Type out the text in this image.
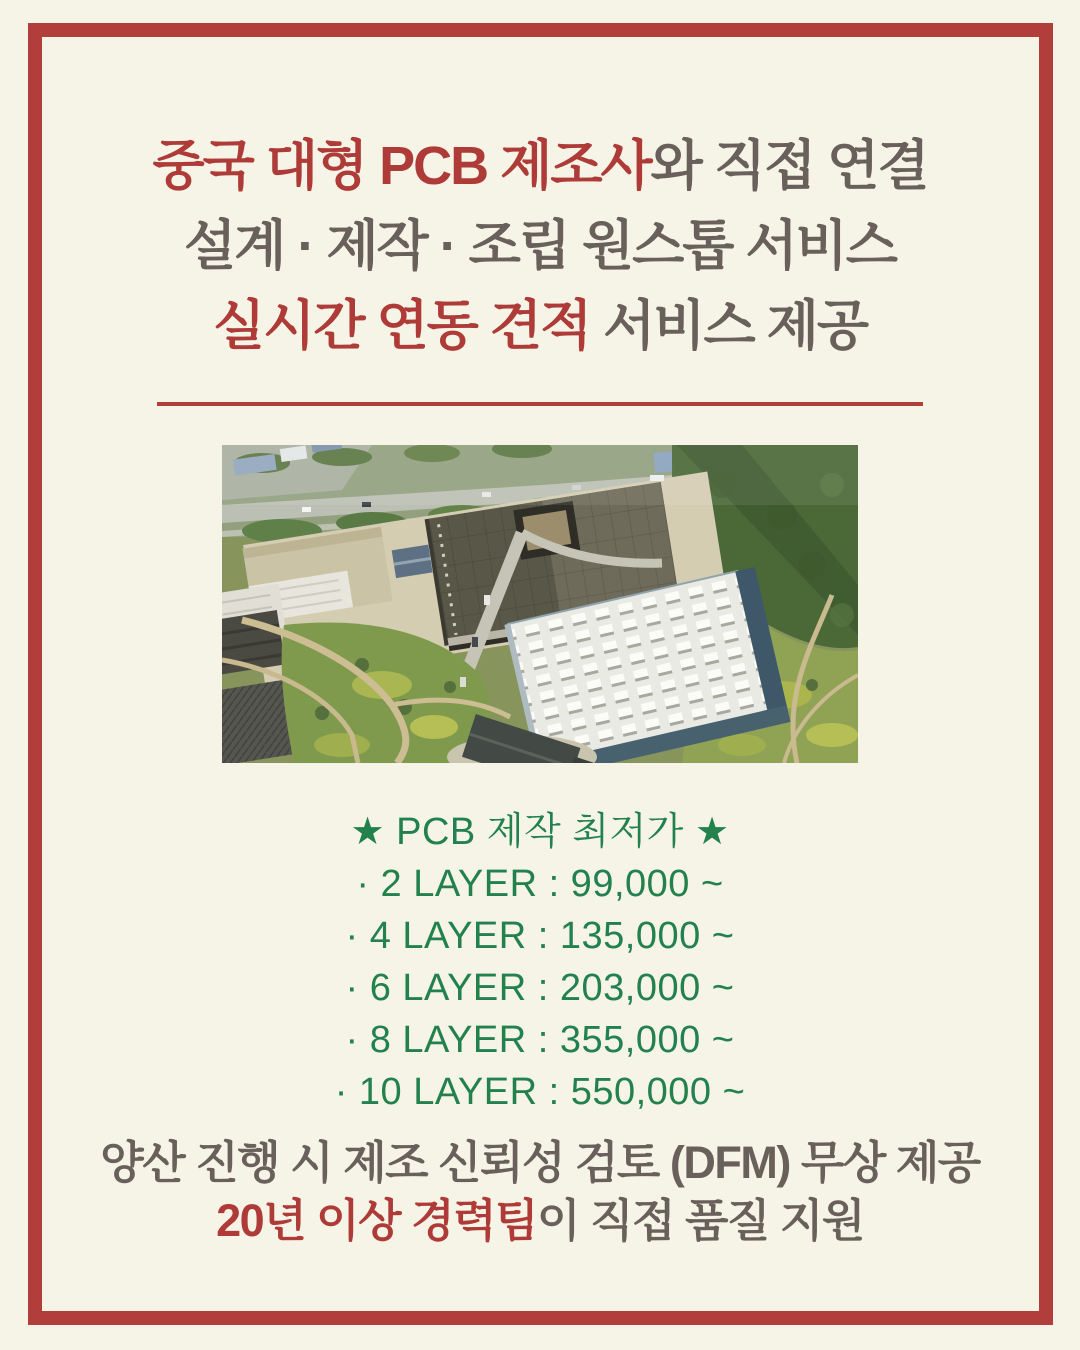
중국 대형 PCB 제조사와 직접 연결
설계 · 제작 · 조립 원스톱 서비스
실시간 연동 견적 서비스 제공
★ PCB 제작 최저가 ★
· 2 LAYER : 99,000 ~
· 4 LAYER : 135,000 ~
· 6 LAYER : 203,000 ~
· 8 LAYER : 355,000 ~
· 10 LAYER : 550,000 ~
양산 진행 시 제조 신뢰성 검토 (DFM) 무상 제공
20년 이상 경력팀이 직접 품질 지원
